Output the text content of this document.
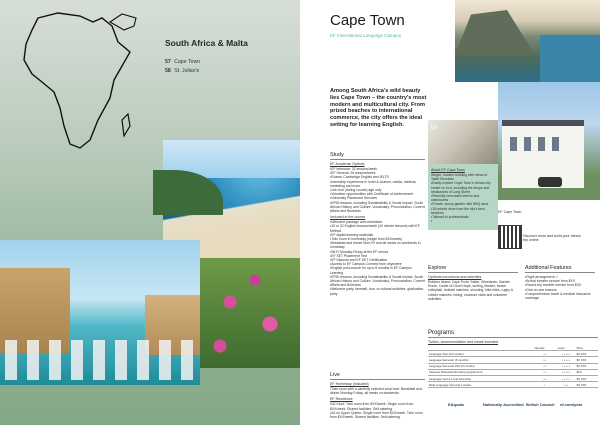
South Africa & Malta
57 Cape Town
58 St. Julian's
Cape Town
EF International Language Campus
EF Cape Town
Among South Africa's wild beauty lies Cape Town – the country's most modern and multicultural city. From prized beaches to international commerce, the city offers the ideal setting for learning English.
Study
EF Academic Options
• EF Intensive: 32 lessons/week
• EF General: 26 lessons/week
• Exams: Cambridge English and IELTS
• Internship experience in hotel & tourism, media, medical, marketing and more
• Job club (during course) age only
• Volunteer opportunities with Certificate of Achievement
• University Placement Services
• EF50 lessons, including Sustainability & Social Impact, South African History and Culture, Vocabulary, Pronunciation, Current Affairs and Business
Included in the course
• Welcome package and orientation
• 20 or 32 English lessons/week (40 minute lessons) with EF Method
• EF digital learning materials
• Twin room in homestay (single from $XX/week)
• Breakfast and dinner Mon-Fri and all meals on weekends in homestay
• Wi-Fi Monday-Friday at the EF school
• EF SET Placement Test
• EF Diploma and EF SET Certification
• Access to EF Campus Connect from anywhere
• English post-course for up to 6 months in EF Campus Learning
• EF50 lessons, including Sustainability & Social Impact, South African History and Culture, Vocabulary, Pronunciation, Current Affairs and Business
• Welcome party, farewell, tour, or cultural activities, graduation party
Live
EF Homestay (included)
• Twin room with a carefully selected local host. Breakfast and dinner Monday-Friday, all meals on weekends
EF Residence
• N2 Kloof: Twin room from $XX/week. Single room from $XX/week. Shared facilities. Self-catering.
• 2A on Upper Queen: Single room from $XX/week. Twin room from $XX/week. Shared facilities. Self-catering.
EF
About EF Cape Town
• Bright, modern building with views of Table Mountain
• Easily explore Cape Town's vibrant city center on foot, including the shops and restaurants of Long Street
• Recently renovated interior and classrooms
• Private, sunny garden with BBQ area
• 15-minute drive from the city's best beaches
• Tailored to professionals
•
Discover more and build your dream trip online
Explore
Optional excursions and activities
Robben Island, Cape Point, Safari, Winelands, Garden Route, Castle of Good Hope, surfing, theater, beach volleyball, football matches, shooting, bike rides, rugby & cricket matches, hiking, museum visits and volunteer activities.
Additional Features
• Flight arrangement ✓
• Arrival transfer service from $XX
• Round-trip transfer service from $XX
• One-on-one lessons
• Comprehensive travel & medical insurance coverage
Programs
Tuition, accommodation and meals included
	Intensity	Level	Price
Language Year (24 months)	• •	• • • • •	$X,XXX
Language Semester (6 months)	• •	• • • • •	$X,XXX
Language Semester Plus (6 months)	• •	• • • • •	$X,XXX
Intensive Business/Internship (supplement)	• •	• • • • •	$XX
Language Year & Local Internship	• •	• • • • •	$X,XXX
Multi-Language Year and 3 weeks	•	• • •	$X,XXX
EAquals	Nationally Accredited British Council ef.com/year
